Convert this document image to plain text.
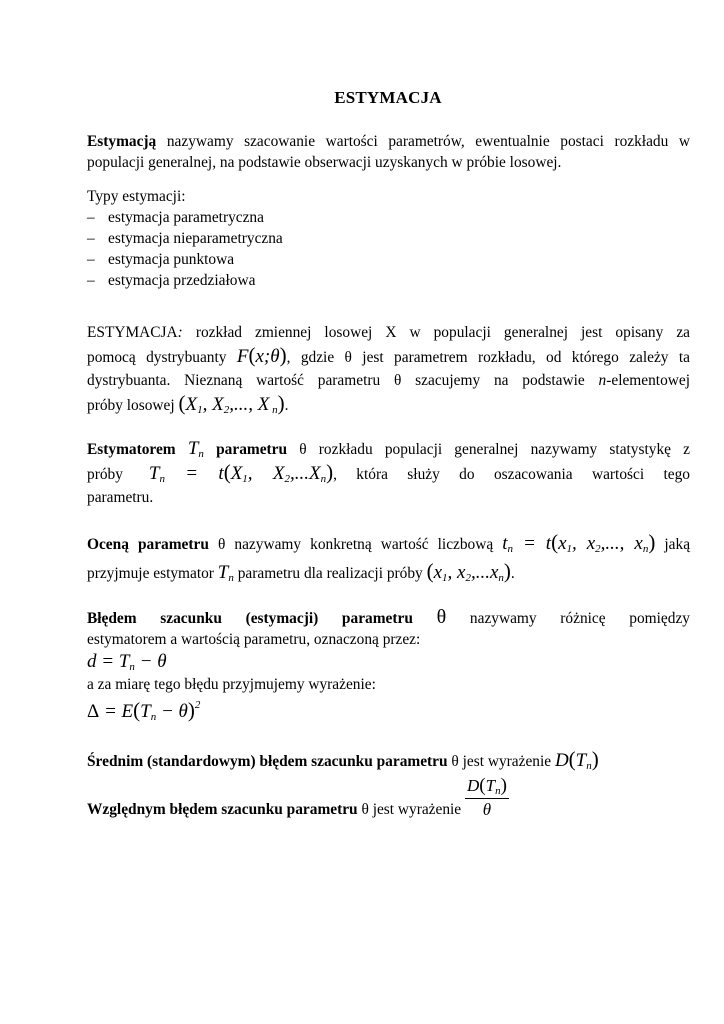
ESTYMACJA
Estymacją nazywamy szacowanie wartości parametrów, ewentualnie postaci rozkładu w populacji generalnej, na podstawie obserwacji uzyskanych w próbie losowej.
Typy estymacji:
– estymacja parametryczna
– estymacja nieparametryczna
– estymacja punktowa
– estymacja przedziałowa
ESTYMACJA: rozkład zmiennej losowej X w populacji generalnej jest opisany za
pomocą dystrybuanty F(x;θ), gdzie θ jest parametrem rozkładu, od którego zależy ta
dystrybuanta. Nieznaną wartość parametru θ szacujemy na podstawie n-elementowej
próby losowej ($X_1$, $X_2$,..., X $_n$).
Estymatorem $T_n$ parametru θ rozkładu populacji generalnej nazywamy statystykę z
próby $T_n = t(X_1$, $X_2,...X_n$), która służy do oszacowania wartości tego
parametru.
Oceną parametru θ nazywamy konkretną wartość liczbową $t_n = t(x_1$, $x_2$,..., $x_n$) jaką
przyjmuje estymator $T_n$ parametru dla realizacji próby ($x_1$, $x_2,...x_n$).
Błędem szacunku (estymacji) parametru θ nazywamy różnicę pomiędzy
estymatorem a wartością parametru, oznaczoną przez:
$d = T_n - \theta$
a za miarę tego błędu przyjmujemy wyrażenie:
$\Delta = E(T_n - \theta)^2$
Średnim (standardowym) błędem szacunku parametru θ jest wyrażenie $D(T_n)$
Względnym błędem szacunku parametru θ jest wyrażenie $\frac{D(T_n)}{\theta}$
